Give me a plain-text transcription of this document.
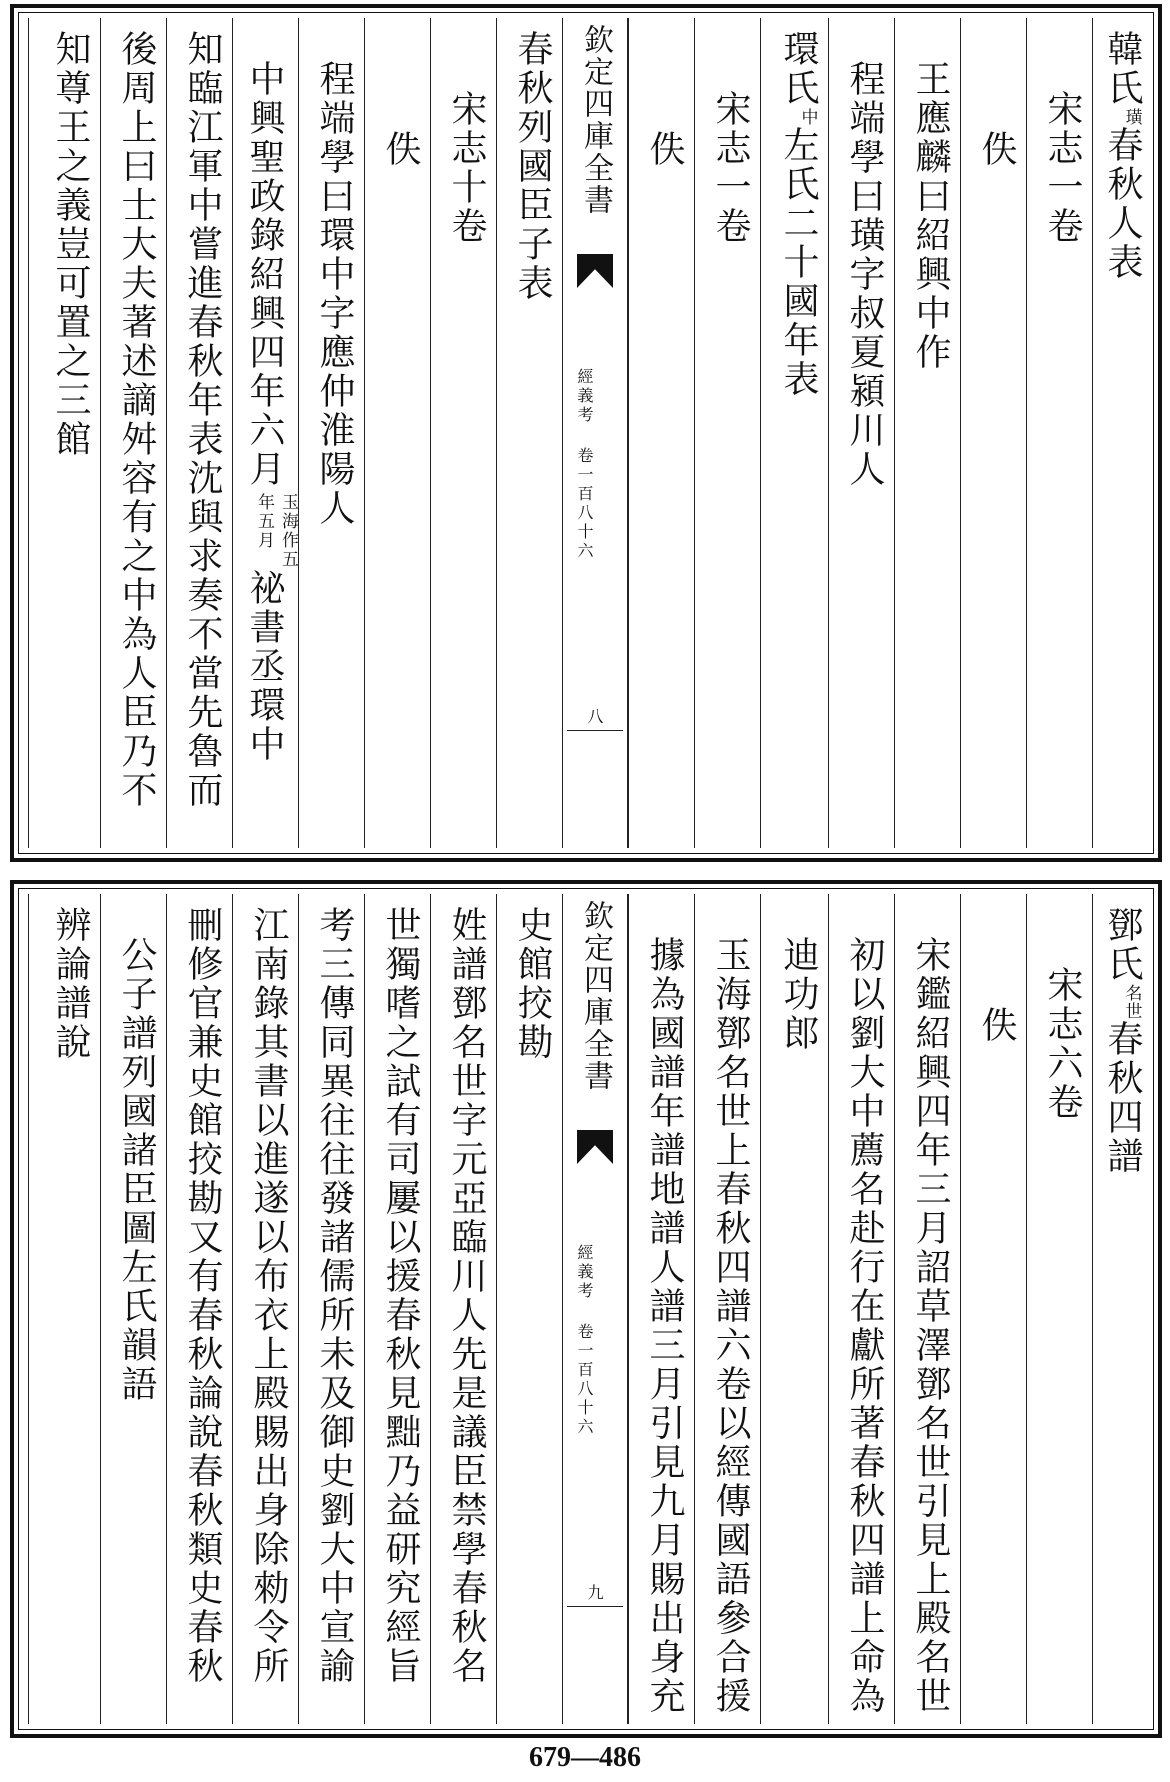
韓氏璜春秋人表
宋志一卷
佚
王應麟曰紹興中作
程端學曰璜字叔夏潁川人
環氏中左氏二十國年表
宋志一卷
佚
欽定四庫全書
經義考 卷一百八十六
八
春秋列國臣子表
宋志十卷
佚
程端學曰環中字應仲淮陽人
中興聖政錄紹興四年六月玉海作五
年五月祕書丞環中
知臨江軍中嘗進春秋年表沈與求奏不當先魯而
後周上曰士大夫著述謫舛容有之中為人臣乃不
知尊王之義豈可置之三館
鄧氏名世春秋四譜
宋志六卷
佚
宋鑑紹興四年三月詔草澤鄧名世引見上殿名世
初以劉大中薦名赴行在獻所著春秋四譜上命為
迪功郎
玉海鄧名世上春秋四譜六卷以經傳國語參合援
據為國譜年譜地譜人譜三月引見九月賜出身充
欽定四庫全書
經義考 卷一百八十六
九
史館挍勘
姓譜鄧名世字元亞臨川人先是議臣禁學春秋名
世獨嗜之試有司屢以援春秋見黜乃益研究經旨
考三傳同異往往發諸儒所未及御史劉大中宣諭
江南錄其書以進遂以布衣上殿賜出身除勑令所
刪修官兼史館挍勘又有春秋論說春秋類史春秋
公子譜列國諸臣圖左氏韻語
辨論譜說
679—486
